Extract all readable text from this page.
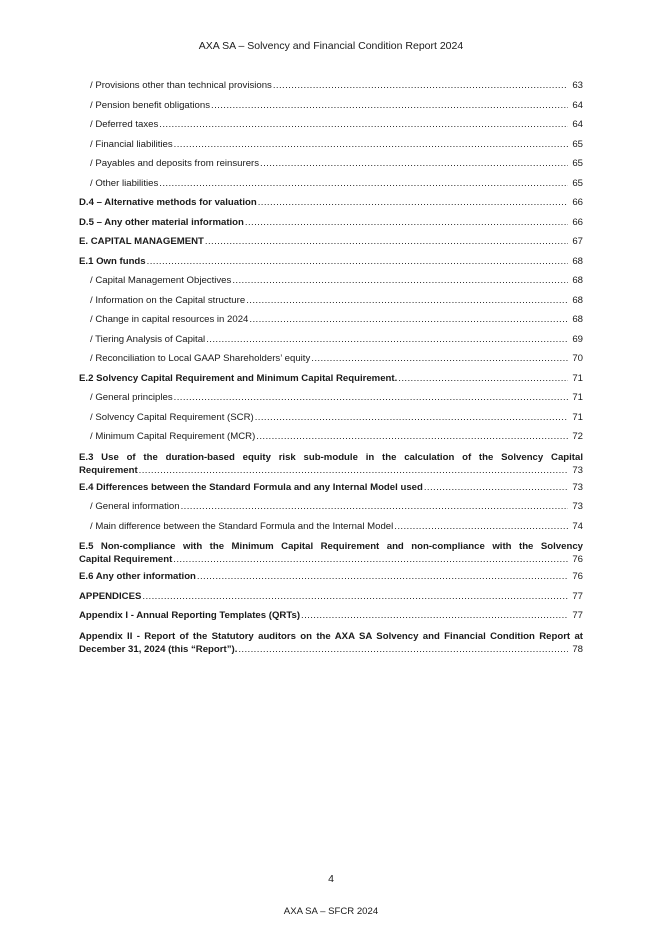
AXA SA – Solvency and Financial Condition Report 2024
/ Provisions other than technical provisions .....	63
/ Pension benefit obligations .....	64
/ Deferred taxes .....	64
/ Financial liabilities .....	65
/ Payables and deposits from reinsurers .....	65
/ Other liabilities .....	65
D.4 – Alternative methods for valuation .....	66
D.5 – Any other material information .....	66
E. CAPITAL MANAGEMENT .....	67
E.1 Own funds .....	68
/ Capital Management Objectives .....	68
/ Information on the Capital structure .....	68
/ Change in capital resources in 2024 .....	68
/ Tiering Analysis of Capital .....	69
/ Reconciliation to Local GAAP Shareholders’ equity .....	70
E.2 Solvency Capital Requirement and Minimum Capital Requirement. .....	71
/ General principles .....	71
/ Solvency Capital Requirement (SCR) .....	71
/ Minimum Capital Requirement (MCR) .....	72
E.3 Use of the duration-based equity risk sub-module in the calculation of the Solvency Capital
Requirement .....	73
E.4 Differences between the Standard Formula and any Internal Model used .....	73
/ General information .....	73
/ Main difference between the Standard Formula and the Internal Model .....	74
E.5 Non-compliance with the Minimum Capital Requirement and non-compliance with the Solvency
Capital Requirement .....	76
E.6 Any other information .....	76
APPENDICES .....	77
Appendix I - Annual Reporting Templates (QRTs) .....	77
Appendix II - Report of the Statutory auditors on the AXA SA Solvency and Financial Condition Report at
December 31, 2024 (this “Report”). .....	78
4
AXA SA – SFCR 2024
